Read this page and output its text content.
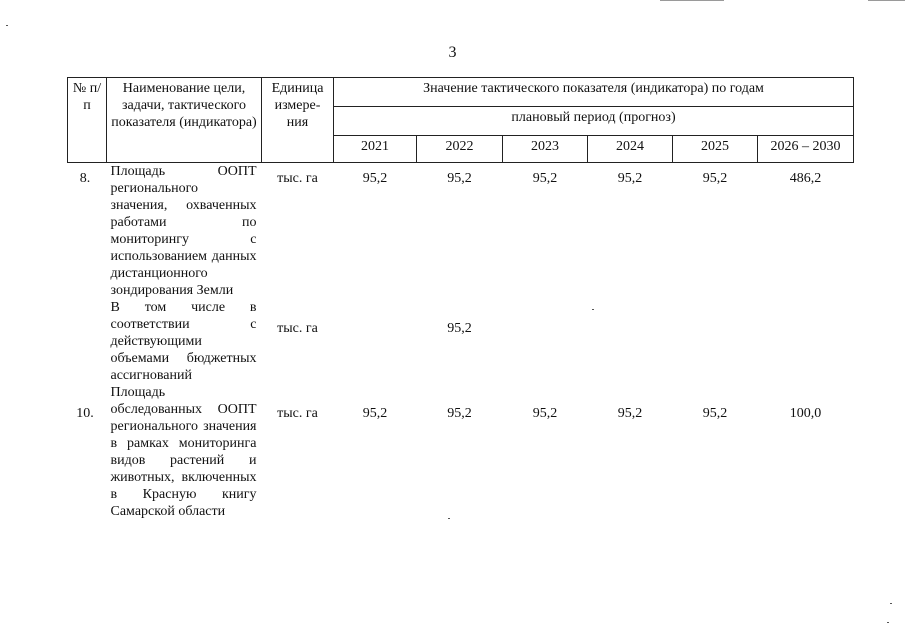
3
№ п/п	Наименование цели, задачи, тактического показателя (индикатора)	Единица измере-ния	Значение тактического показателя (индикатора) по годам					
			плановый период (прогноз)					
			2021	2022	2023	2024	2025	2026 – 2030
8.	Площадь ООПТ регионального значения, охваченных работами по мониторингу с использованием данных дистанционного зондирования Земли	тыс. га	95,2	95,2	95,2	95,2	95,2	486,2
	В том числе в соответствии с действующими объемами бюджетных ассигнований	тыс. га		95,2				
10.	Площадь обследованных ООПТ регионального значения в рамках мониторинга видов растений и животных, включенных в Красную книгу Самарской области	тыс. га	95,2	95,2	95,2	95,2	95,2	100,0
